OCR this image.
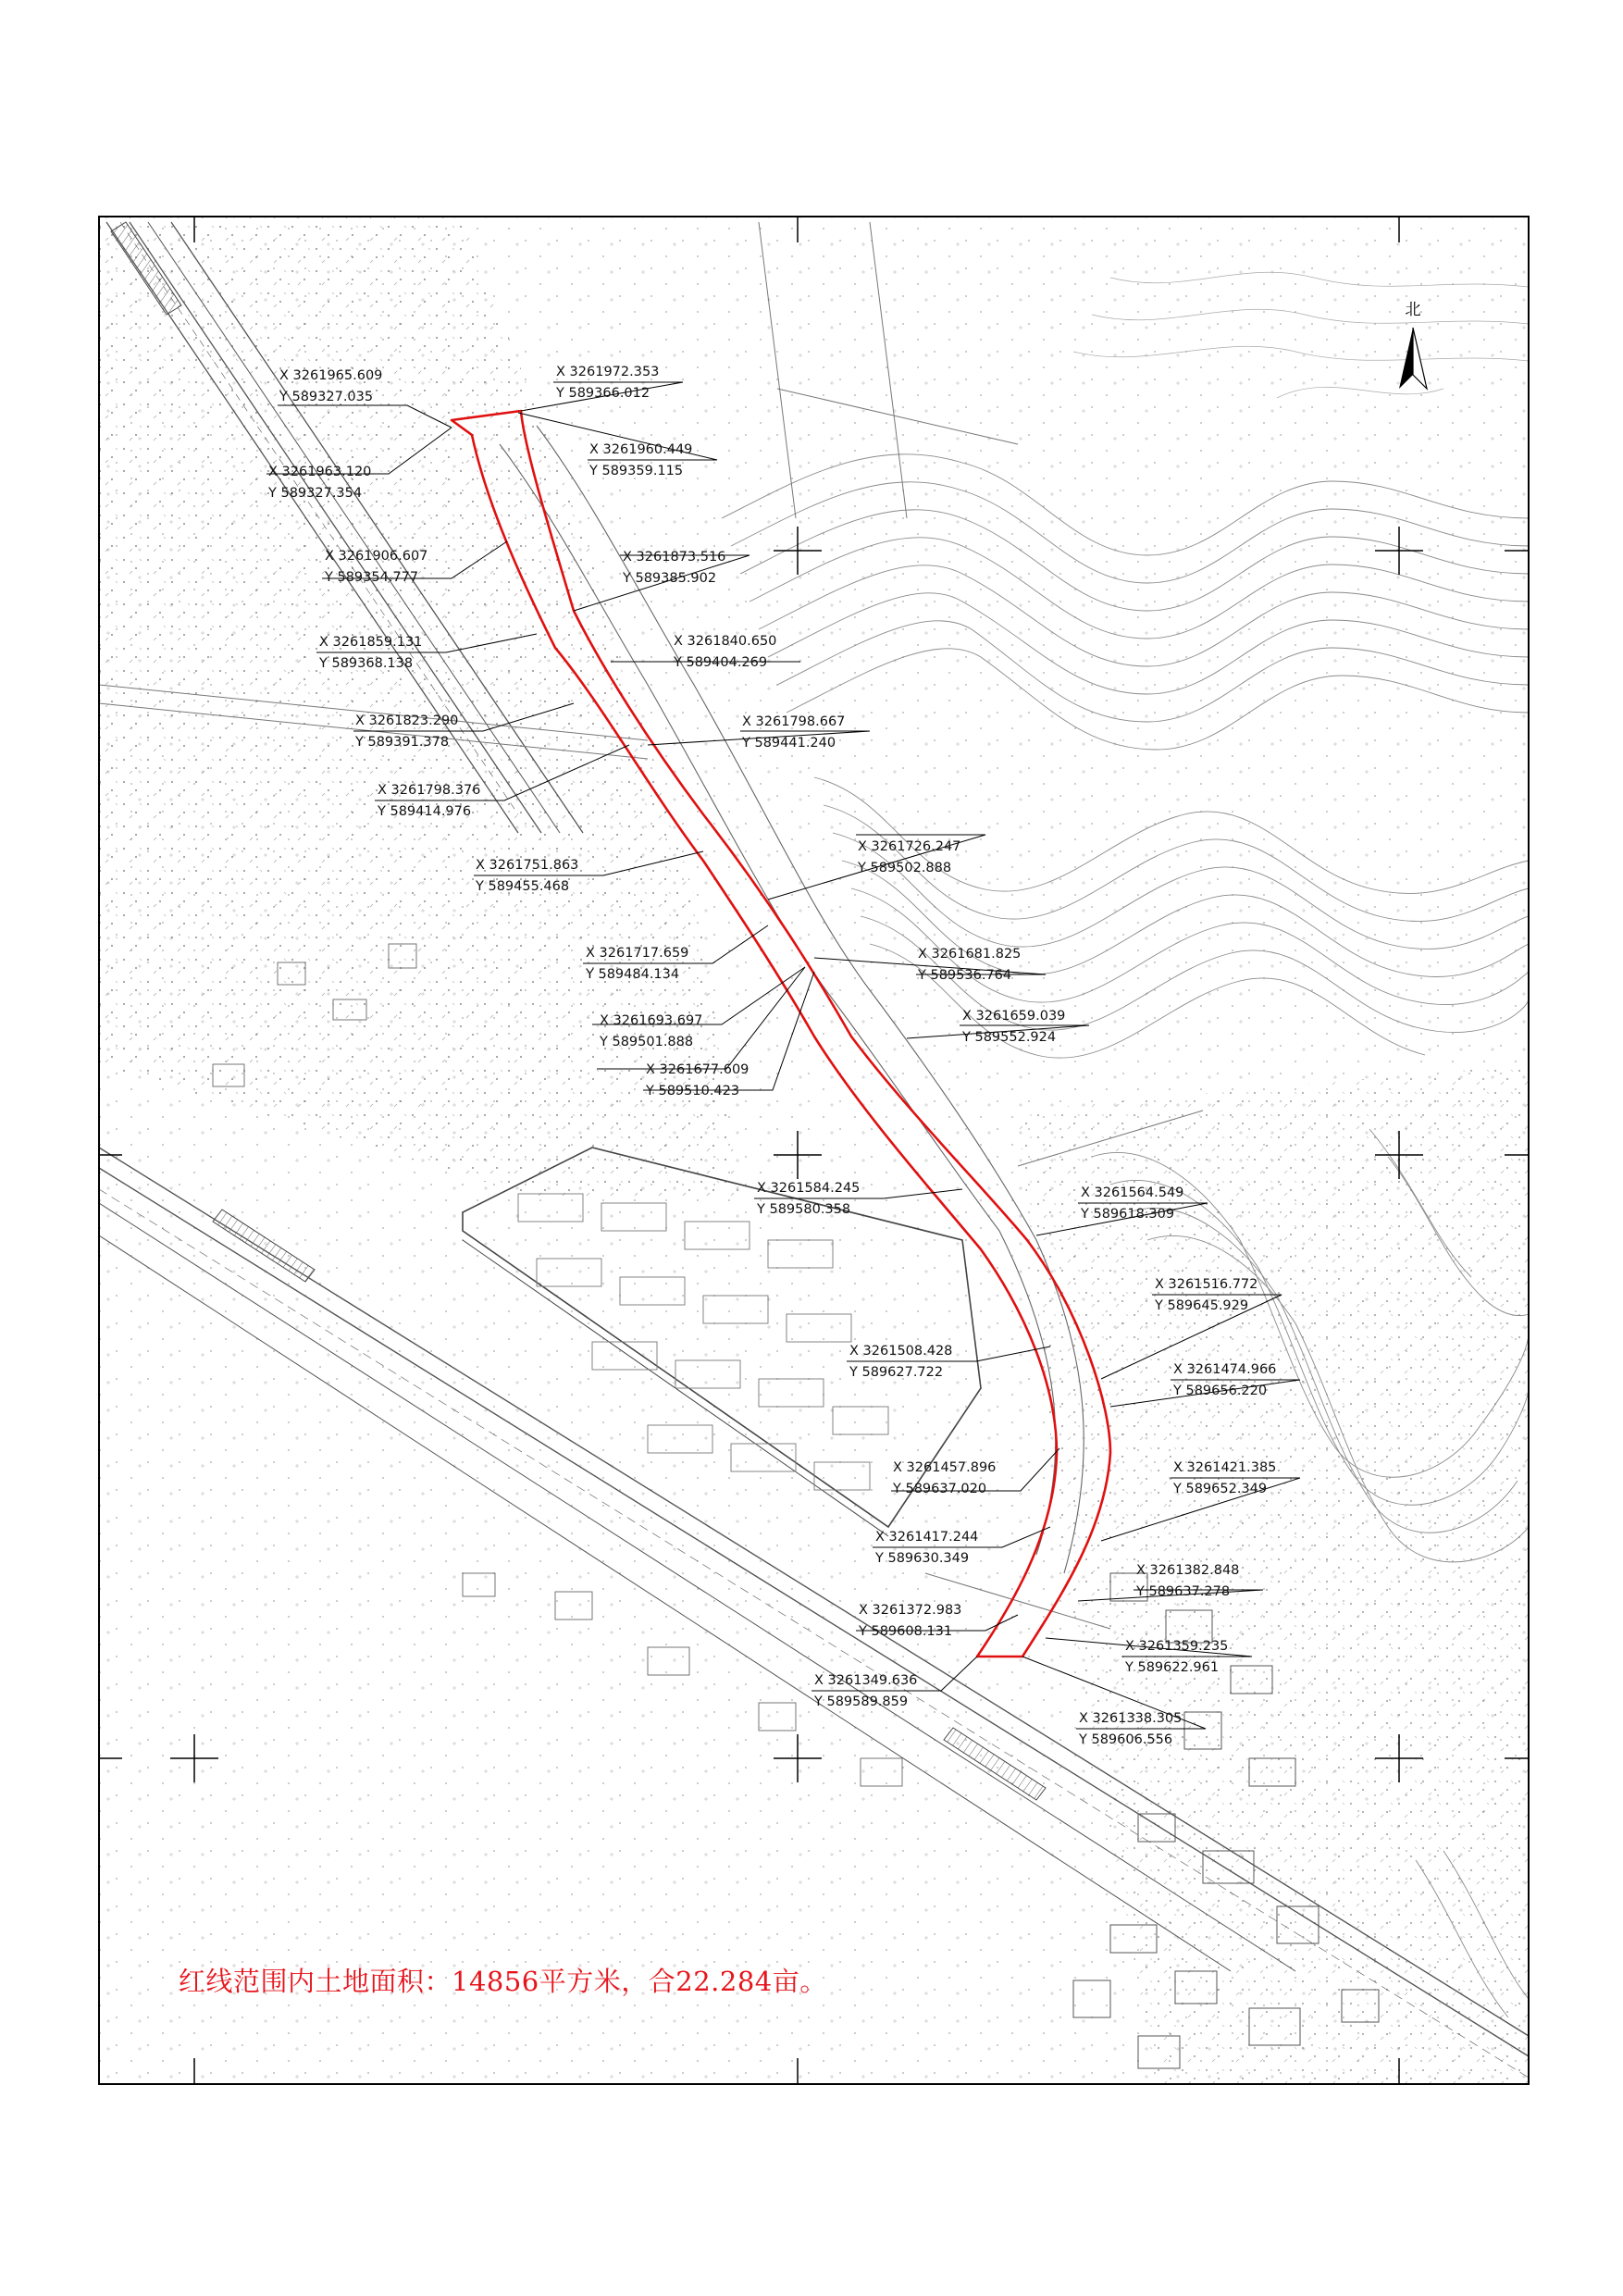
北
X 3261965.609
Y 589327.035
X 3261972.353
Y 589366.012
X 3261963.120
Y 589327.354
X 3261960.449
Y 589359.115
X 3261906.607
Y 589354.777
X 3261873.516
Y 589385.902
X 3261859.131
Y 589368.138
X 3261840.650
Y 589404.269
X 3261823.290
Y 589391.378
X 3261798.667
Y 589441.240
X 3261798.376
Y 589414.976
X 3261751.863
Y 589455.468
X 3261726.247
Y 589502.888
X 3261717.659
Y 589484.134
X 3261681.825
Y 589536.764
X 3261693.697
Y 589501.888
X 3261659.039
Y 589552.924
X 3261677.609
Y 589510.423
X 3261584.245
Y 589580.358
X 3261564.549
Y 589618.309
X 3261516.772
Y 589645.929
X 3261508.428
Y 589627.722	X 3261474.966
Y 589656.220
X 3261457.896
Y 589637.020
X 3261421.385
Y 589652.349
X 3261417.244
Y 589630.349
X 3261382.848
Y 589637.278
X 3261372.983
Y 589608.131
X 3261359.235
Y 589622.961
X 3261349.636
Y 589589.859
X 3261338.305
Y 589606.556
红线范围内土地面积：14856平方米，合22.284亩。
